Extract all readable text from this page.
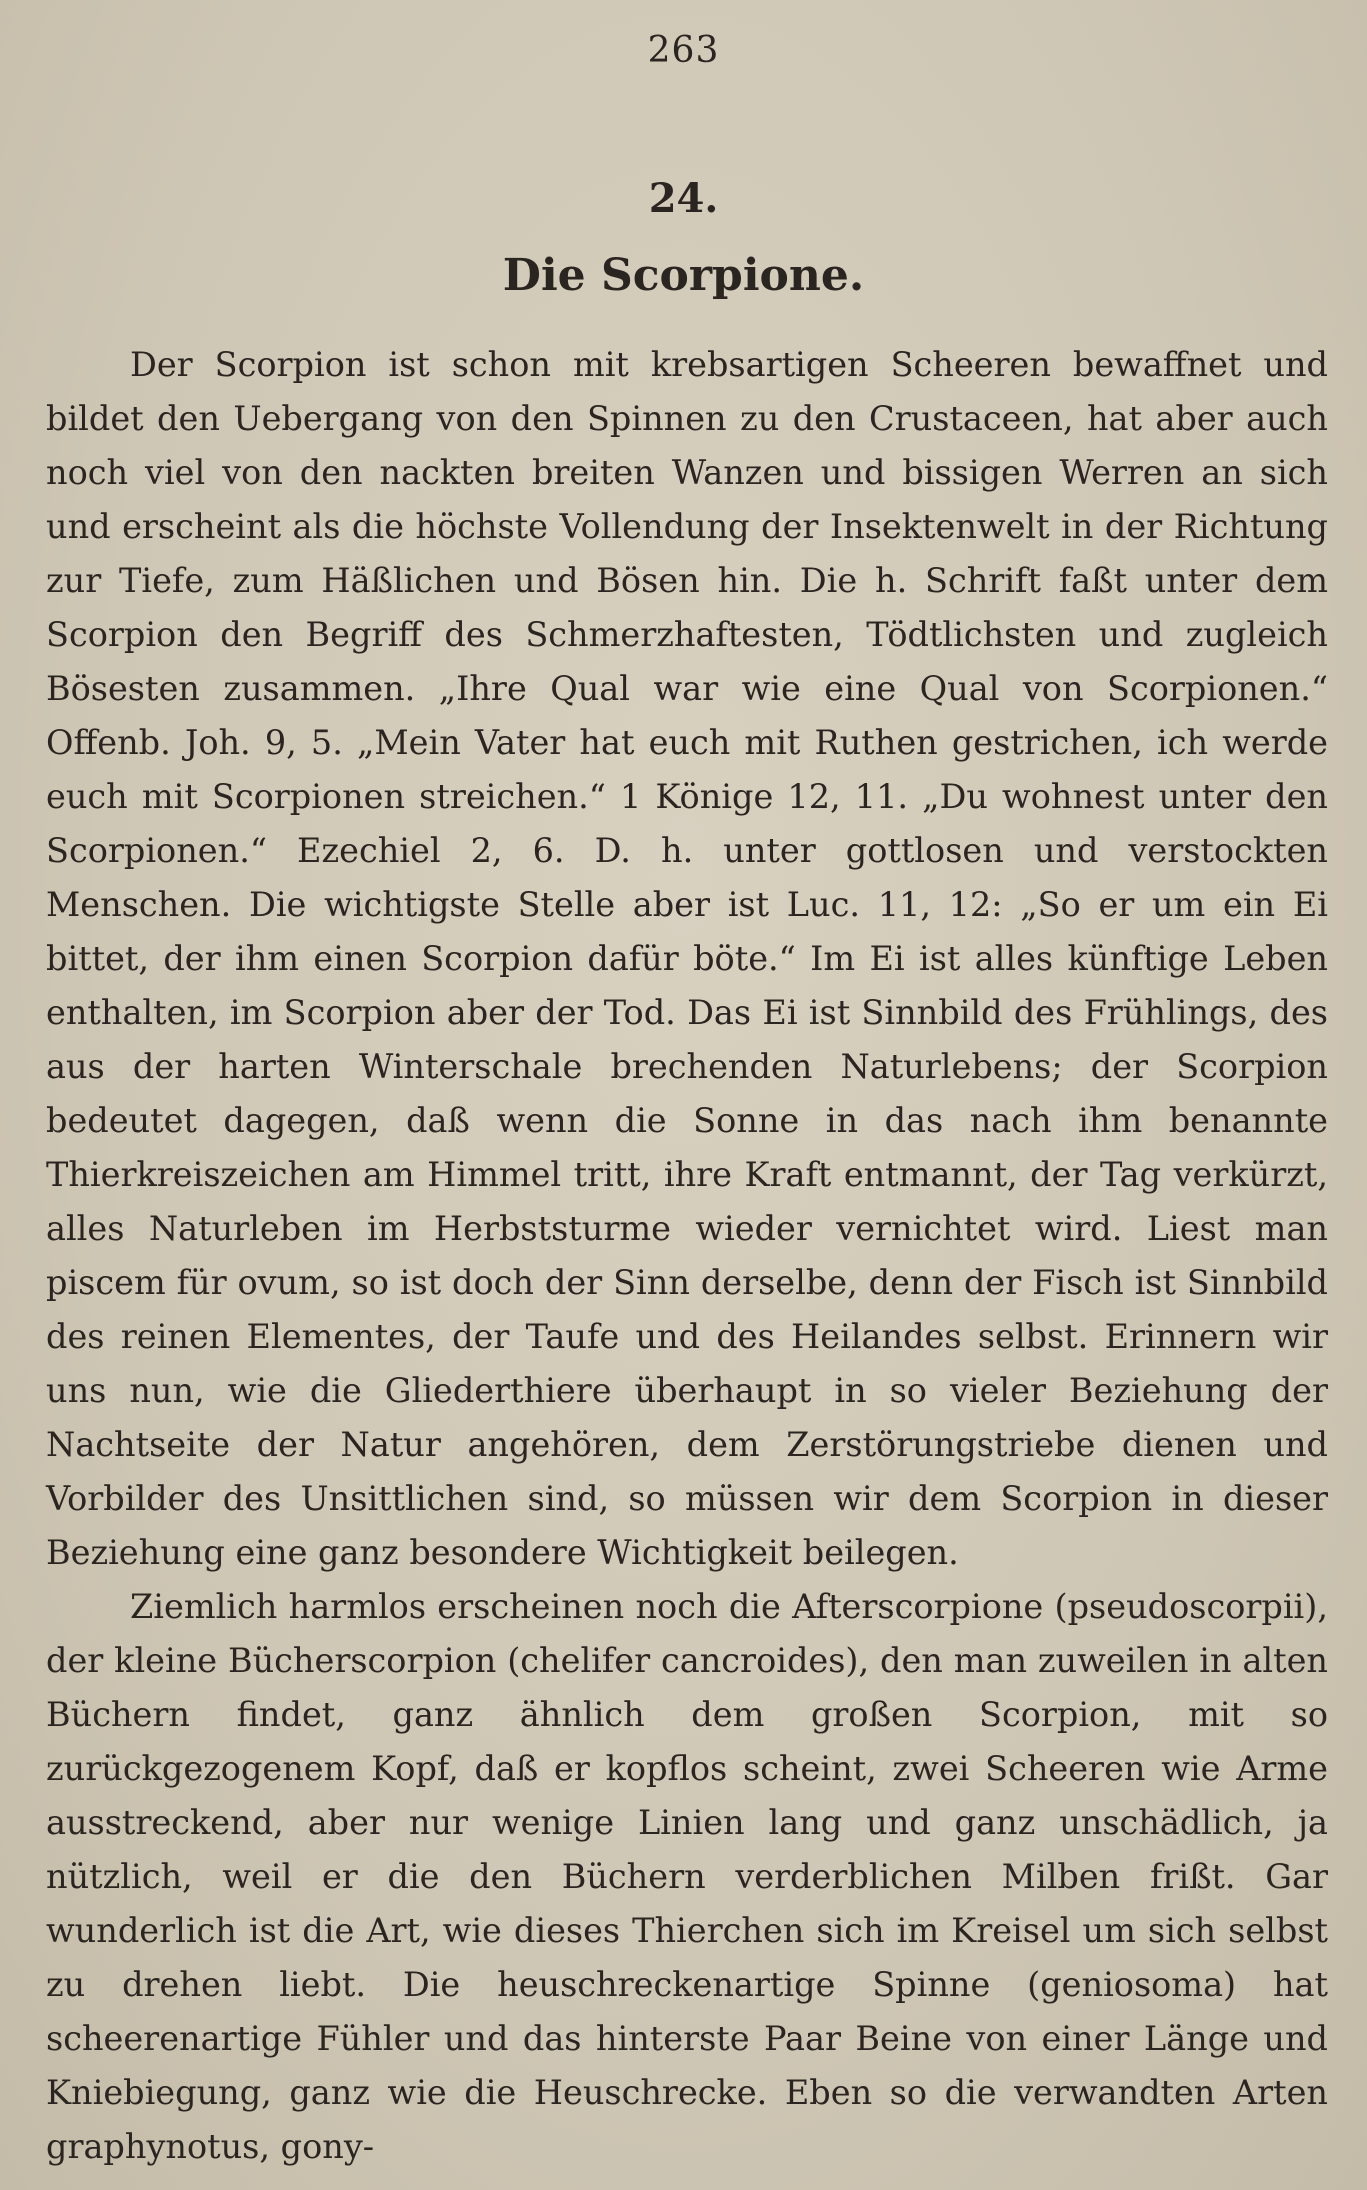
263
24.
Die Scorpione.

Der Scorpion ist schon mit krebsartigen Scheeren bewaffnet und bildet den Uebergang von den Spinnen zu den Crustaceen, hat aber auch noch viel von den nackten breiten Wanzen und bissigen Werren an sich und erscheint als die höchste Vollendung der Insektenwelt in der Richtung zur Tiefe, zum Häßlichen und Bösen hin. Die h. Schrift faßt unter dem Scorpion den Begriff des Schmerzhaftesten, Tödtlichsten und zugleich Bösesten zusammen. „Ihre Qual war wie eine Qual von Scorpionen.“ Offenb. Joh. 9, 5. „Mein Vater hat euch mit Ruthen gestrichen, ich werde euch mit Scorpionen streichen.“ 1 Könige 12, 11. „Du wohnest unter den Scorpionen.“ Ezechiel 2, 6. D. h. unter gottlosen und verstockten Menschen. Die wichtigste Stelle aber ist Luc. 11, 12: „So er um ein Ei bittet, der ihm einen Scorpion dafür böte.“ Im Ei ist alles künftige Leben enthalten, im Scorpion aber der Tod. Das Ei ist Sinnbild des Frühlings, des aus der harten Winterschale brechenden Naturlebens; der Scorpion bedeutet dagegen, daß wenn die Sonne in das nach ihm benannte Thierkreiszeichen am Himmel tritt, ihre Kraft entmannt, der Tag verkürzt, alles Naturleben im Herbststurme wieder vernichtet wird. Liest man piscem für ovum, so ist doch der Sinn derselbe, denn der Fisch ist Sinnbild des reinen Elementes, der Taufe und des Heilandes selbst. Erinnern wir uns nun, wie die Gliederthiere überhaupt in so vieler Beziehung der Nachtseite der Natur angehören, dem Zerstörungstriebe dienen und Vorbilder des Unsittlichen sind, so müssen wir dem Scorpion in dieser Beziehung eine ganz besondere Wichtigkeit beilegen.

Ziemlich harmlos erscheinen noch die Afterscorpione (pseudoscorpii), der kleine Bücherscorpion (chelifer cancroides), den man zuweilen in alten Büchern findet, ganz ähnlich dem großen Scorpion, mit so zurückgezogenem Kopf, daß er kopflos scheint, zwei Scheeren wie Arme ausstreckend, aber nur wenige Linien lang und ganz unschädlich, ja nützlich, weil er die den Büchern verderblichen Milben frißt. Gar wunderlich ist die Art, wie dieses Thierchen sich im Kreisel um sich selbst zu drehen liebt. Die heuschreckenartige Spinne (geniosoma) hat scheerenartige Fühler und das hinterste Paar Beine von einer Länge und Kniebiegung, ganz wie die Heuschrecke. Eben so die verwandten Arten graphynotus, gony-
